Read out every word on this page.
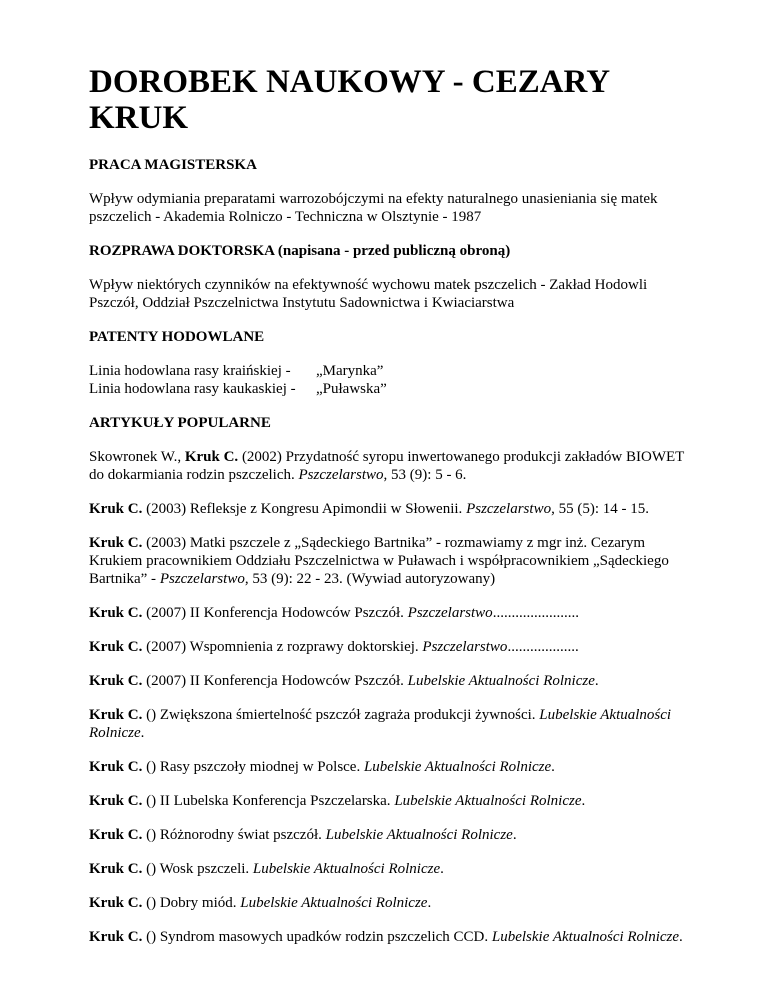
DOROBEK NAUKOWY - CEZARY KRUK
PRACA MAGISTERSKA

Wpływ odymiania preparatami warrozobójczymi na efekty naturalnego unasieniania się matek pszczelich - Akademia Rolniczo - Techniczna w Olsztynie - 1987

ROZPRAWA DOKTORSKA (napisana - przed publiczną obroną)

Wpływ niektórych czynników na efektywność wychowu matek pszczelich - Zakład Hodowli Pszczół, Oddział Pszczelnictwa Instytutu Sadownictwa i Kwiaciarstwa

PATENTY HODOWLANE
Linia hodowlana rasy kraińskiej -	„Marynka”
Linia hodowlana rasy kaukaskiej -	„Puławska”
ARTYKUŁY POPULARNE

Skowronek W., Kruk C. (2002) Przydatność syropu inwertowanego produkcji zakładów BIOWET do dokarmiania rodzin pszczelich. Pszczelarstwo, 53 (9): 5 - 6.

Kruk C. (2003) Refleksje z Kongresu Apimondii w Słowenii. Pszczelarstwo, 55 (5): 14 - 15.

Kruk C. (2003) Matki pszczele z „Sądeckiego Bartnika” - rozmawiamy z mgr inż. Cezarym Krukiem pracownikiem Oddziału Pszczelnictwa w Puławach i współpracownikiem „Sądeckiego Bartnika” - Pszczelarstwo, 53 (9): 22 - 23. (Wywiad autoryzowany)

Kruk C. (2007) II Konferencja Hodowców Pszczół. Pszczelarstwo.......................

Kruk C. (2007) Wspomnienia z rozprawy doktorskiej. Pszczelarstwo...................

Kruk C. (2007) II Konferencja Hodowców Pszczół. Lubelskie Aktualności Rolnicze.

Kruk C. () Zwiększona śmiertelność pszczół zagraża produkcji żywności. Lubelskie Aktualności Rolnicze.

Kruk C. () Rasy pszczoły miodnej w Polsce. Lubelskie Aktualności Rolnicze.

Kruk C. () II Lubelska Konferencja Pszczelarska. Lubelskie Aktualności Rolnicze.

Kruk C. () Różnorodny świat pszczół. Lubelskie Aktualności Rolnicze.

Kruk C. () Wosk pszczeli. Lubelskie Aktualności Rolnicze.

Kruk C. () Dobry miód. Lubelskie Aktualności Rolnicze.

Kruk C. () Syndrom masowych upadków rodzin pszczelich CCD. Lubelskie Aktualności Rolnicze.
